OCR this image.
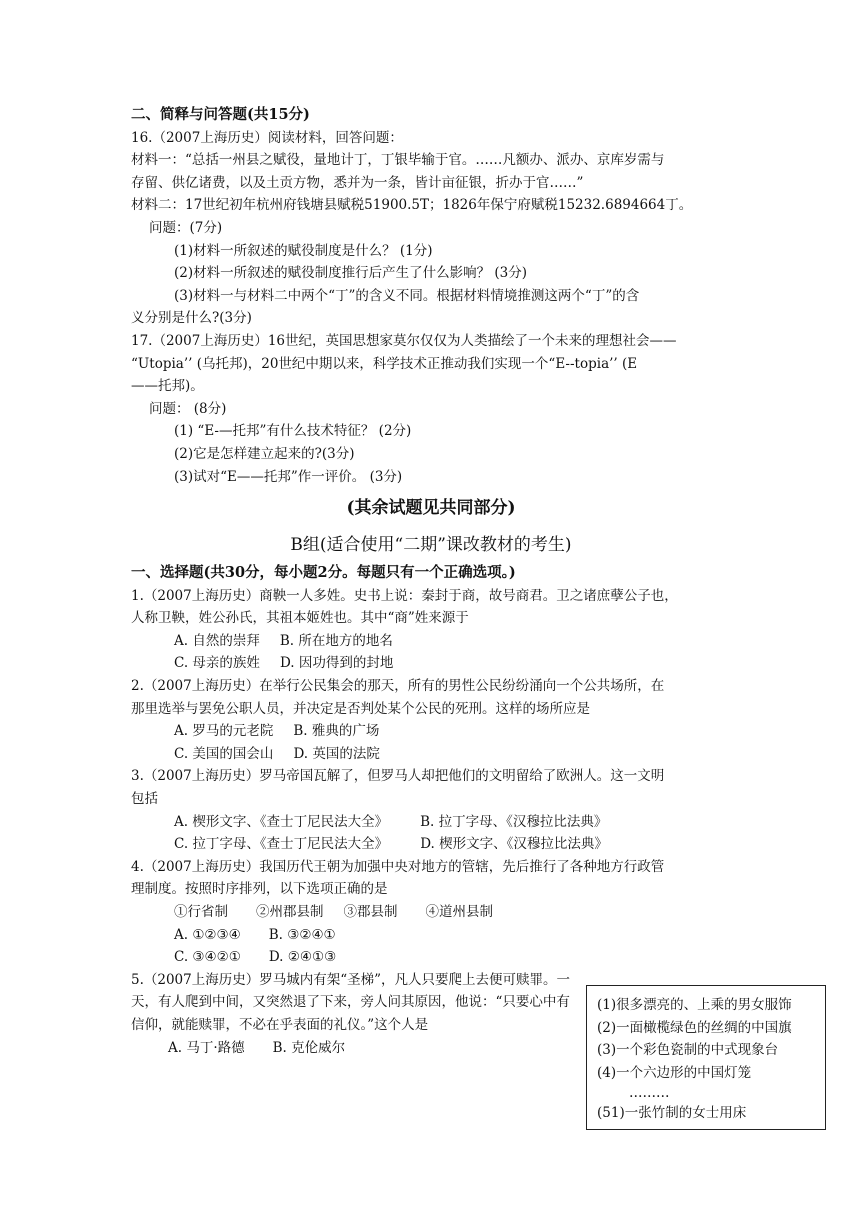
二、简释与问答题(共15分)
16.（2007上海历史）阅读材料，回答问题：
材料一：“总括一州县之赋役，量地计丁，丁银毕输于官。……凡额办、派办、京库岁需与
存留、供亿诸费，以及土贡方物，悉并为一条，皆计亩征银，折办于官……”
材料二：17世纪初年杭州府钱塘县赋税51900.5T；1826年保宁府赋税15232.6894664丁。
问题：(7分)
(1)材料一所叙述的赋役制度是什么？ (1分)
(2)材料一所叙述的赋役制度推行后产生了什么影响？ (3分)
(3)材料一与材料二中两个“丁”的含义不同。根据材料情境推测这两个“丁”的含
义分别是什么?(3分)
17.（2007上海历史）16世纪，英国思想家莫尔仅仅为人类描绘了一个未来的理想社会——
“Utopia’’ (乌托邦)，20世纪中期以来，科学技术正推动我们实现一个“E--topia’’ (E
——托邦)。
问题： (8分)
(1) “E-—托邦”有什么技术特征？ (2分)
(2)它是怎样建立起来的?(3分)
(3)试对“E——托邦”作一评价。 (3分)
(其余试题见共同部分)
B组(适合使用“二期”课改教材的考生)
一、选择题(共30分，每小题2分。每题只有一个正确选项。)
1.（2007上海历史）商鞅一人多姓。史书上说：秦封于商，故号商君。卫之诸庶孽公子也，
人称卫鞅，姓公孙氏，其祖本姬姓也。其中“商”姓来源于
A. 自然的崇拜 B. 所在地方的地名
C. 母亲的族姓 D. 因功得到的封地
2.（2007上海历史）在举行公民集会的那天，所有的男性公民纷纷涌向一个公共场所，在
那里选举与罢免公职人员，并决定是否判处某个公民的死刑。这样的场所应是
A. 罗马的元老院 B. 雅典的广场
C. 美国的国会山 D. 英国的法院
3.（2007上海历史）罗马帝国瓦解了，但罗马人却把他们的文明留给了欧洲人。这一文明
包括
A. 楔形文字、《查士丁尼民法大全》 B. 拉丁字母、《汉穆拉比法典》
C. 拉丁字母、《查士丁尼民法大全》 D. 楔形文字、《汉穆拉比法典》
4.（2007上海历史）我国历代王朝为加强中央对地方的管辖，先后推行了各种地方行政管
理制度。按照时序排列，以下选项正确的是
①行省制 ②州郡县制 ③郡县制 ④道州县制
A. ①②③④ B. ③②④①
C. ③④②① D. ②④①③
5.（2007上海历史）罗马城内有架“圣梯”，凡人只要爬上去便可赎罪。一天，有人爬到中间，又突然退了下来，旁人问其原因，他说：“只要心中有信仰，就能赎罪，不必在乎表面的礼仪。”这个人是
A. 马丁·路德 B. 克伦威尔
(1)很多漂亮的、上乘的男女服饰
(2)一面橄榄绿色的丝绸的中国旗
(3)一个彩色瓷制的中式现象台
(4)一个六边形的中国灯笼
………
(51)一张竹制的女士用床
